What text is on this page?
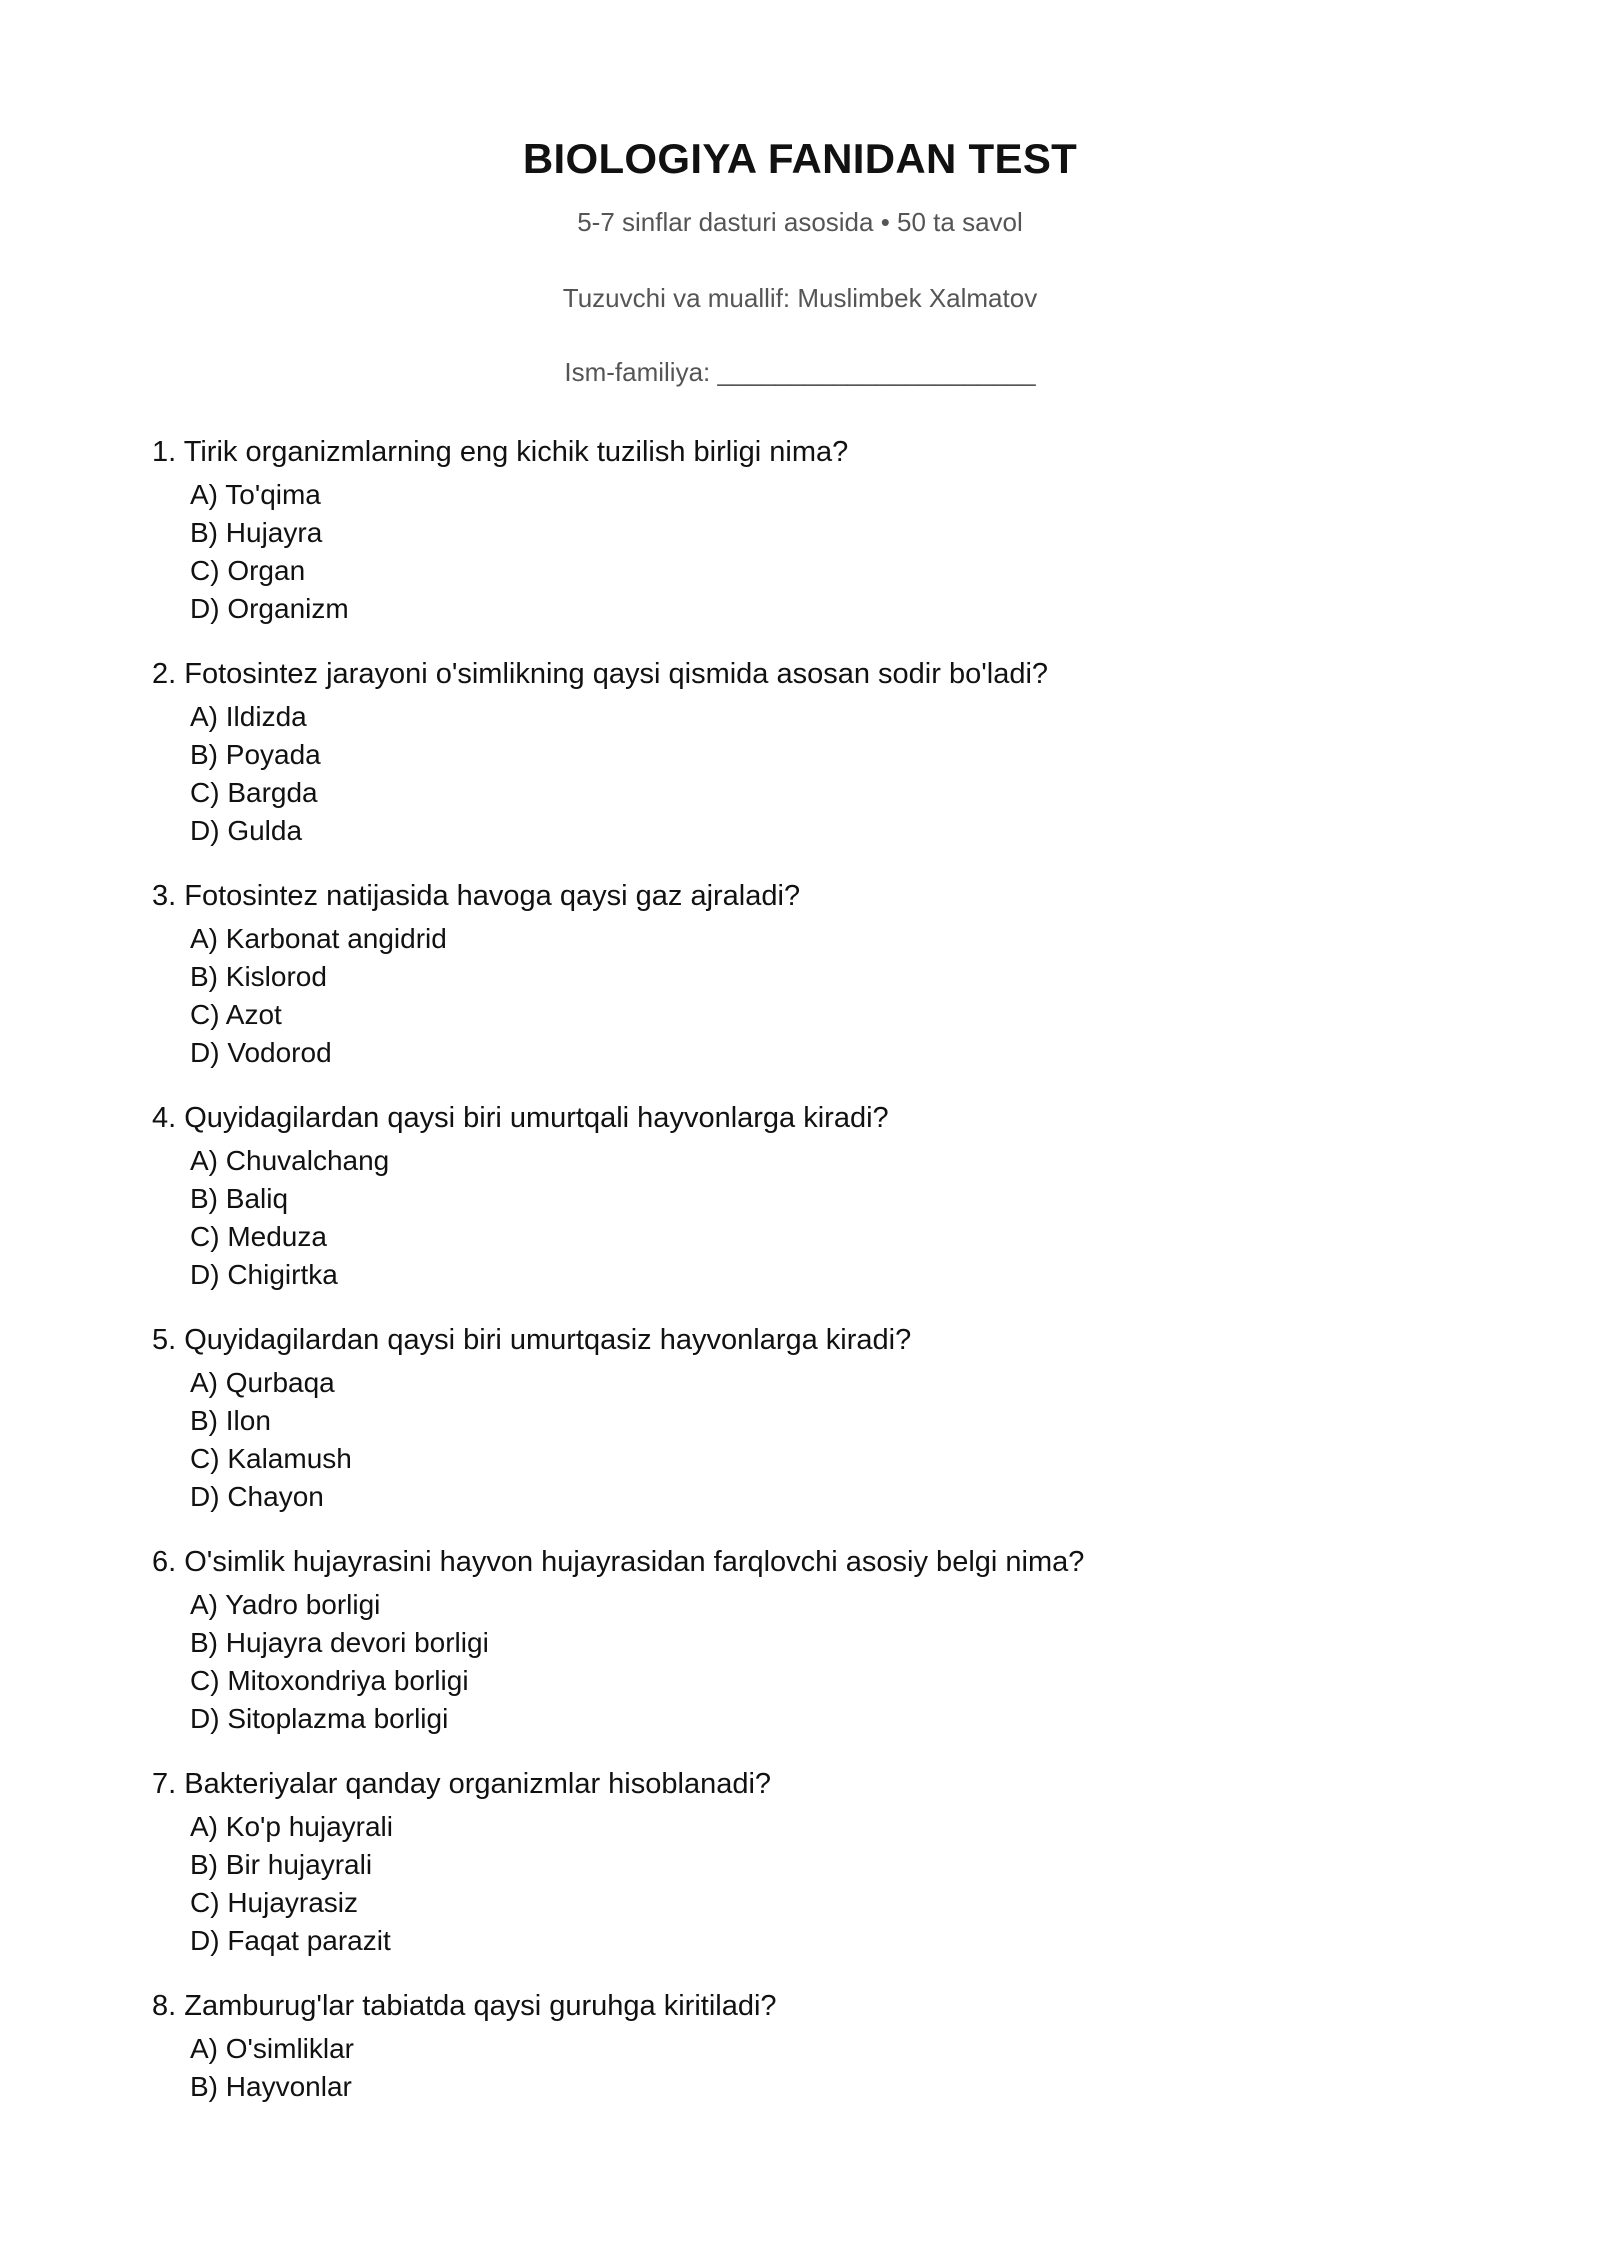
BIOLOGIYA FANIDAN TEST
5-7 sinflar dasturi asosida • 50 ta savol
Tuzuvchi va muallif: Muslimbek Xalmatov
Ism-familiya: ______________________
1. Tirik organizmlarning eng kichik tuzilish birligi nima?
A) To'qima
B) Hujayra
C) Organ
D) Organizm
2. Fotosintez jarayoni o'simlikning qaysi qismida asosan sodir bo'ladi?
A) Ildizda
B) Poyada
C) Bargda
D) Gulda
3. Fotosintez natijasida havoga qaysi gaz ajraladi?
A) Karbonat angidrid
B) Kislorod
C) Azot
D) Vodorod
4. Quyidagilardan qaysi biri umurtqali hayvonlarga kiradi?
A) Chuvalchang
B) Baliq
C) Meduza
D) Chigirtka
5. Quyidagilardan qaysi biri umurtqasiz hayvonlarga kiradi?
A) Qurbaqa
B) Ilon
C) Kalamush
D) Chayon
6. O'simlik hujayrasini hayvon hujayrasidan farqlovchi asosiy belgi nima?
A) Yadro borligi
B) Hujayra devori borligi
C) Mitoxondriya borligi
D) Sitoplazma borligi
7. Bakteriyalar qanday organizmlar hisoblanadi?
A) Ko'p hujayrali
B) Bir hujayrali
C) Hujayrasiz
D) Faqat parazit
8. Zamburug'lar tabiatda qaysi guruhga kiritiladi?
A) O'simliklar
B) Hayvonlar
